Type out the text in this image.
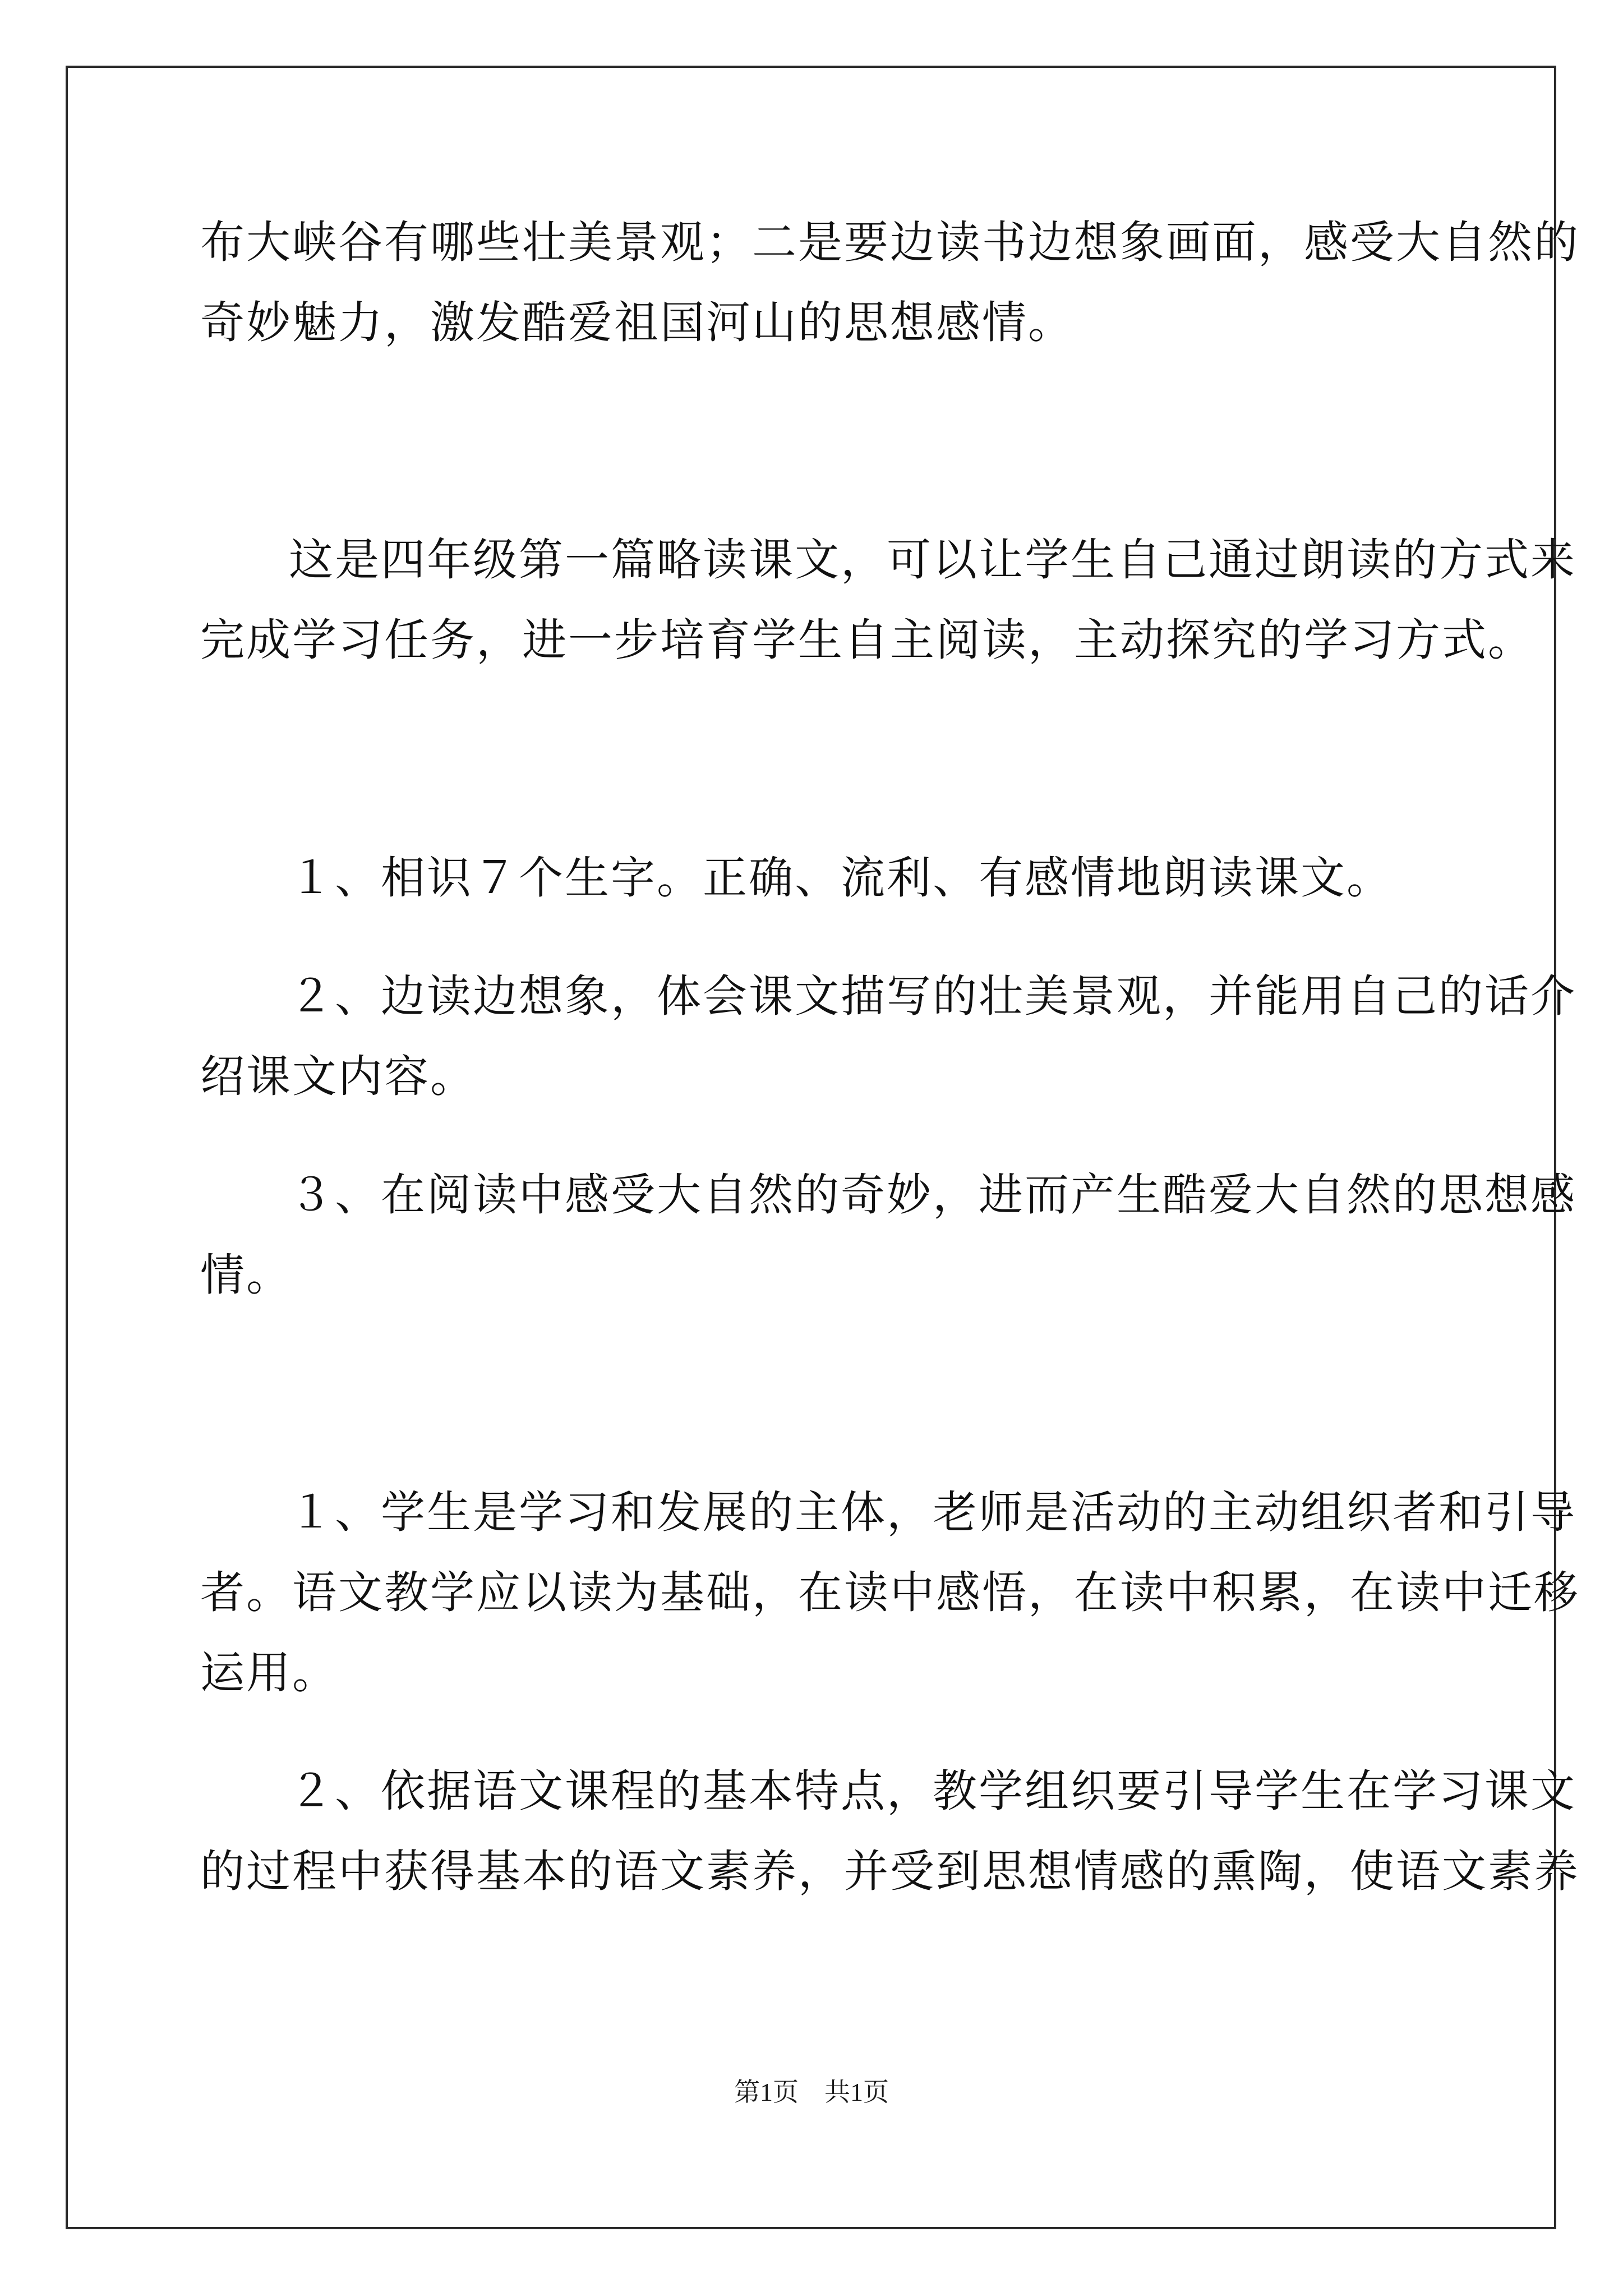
布大峡谷有哪些壮美景观；二是要边读书边想象画面，感受大自然的
奇妙魅力，激发酷爱祖国河山的思想感情。
这是四年级第一篇略读课文，可以让学生自己通过朗读的方式来
完成学习任务，进一步培育学生自主阅读，主动探究的学习方式。
１、相识７个生字。正确、流利、有感情地朗读课文。
２、边读边想象，体会课文描写的壮美景观，并能用自己的话介
绍课文内容。
３、在阅读中感受大自然的奇妙，进而产生酷爱大自然的思想感
情。
１、学生是学习和发展的主体，老师是活动的主动组织者和引导
者。语文教学应以读为基础，在读中感悟，在读中积累，在读中迁移
运用。
２、依据语文课程的基本特点，教学组织要引导学生在学习课文
的过程中获得基本的语文素养，并受到思想情感的熏陶，使语文素养
第1页　共1页
